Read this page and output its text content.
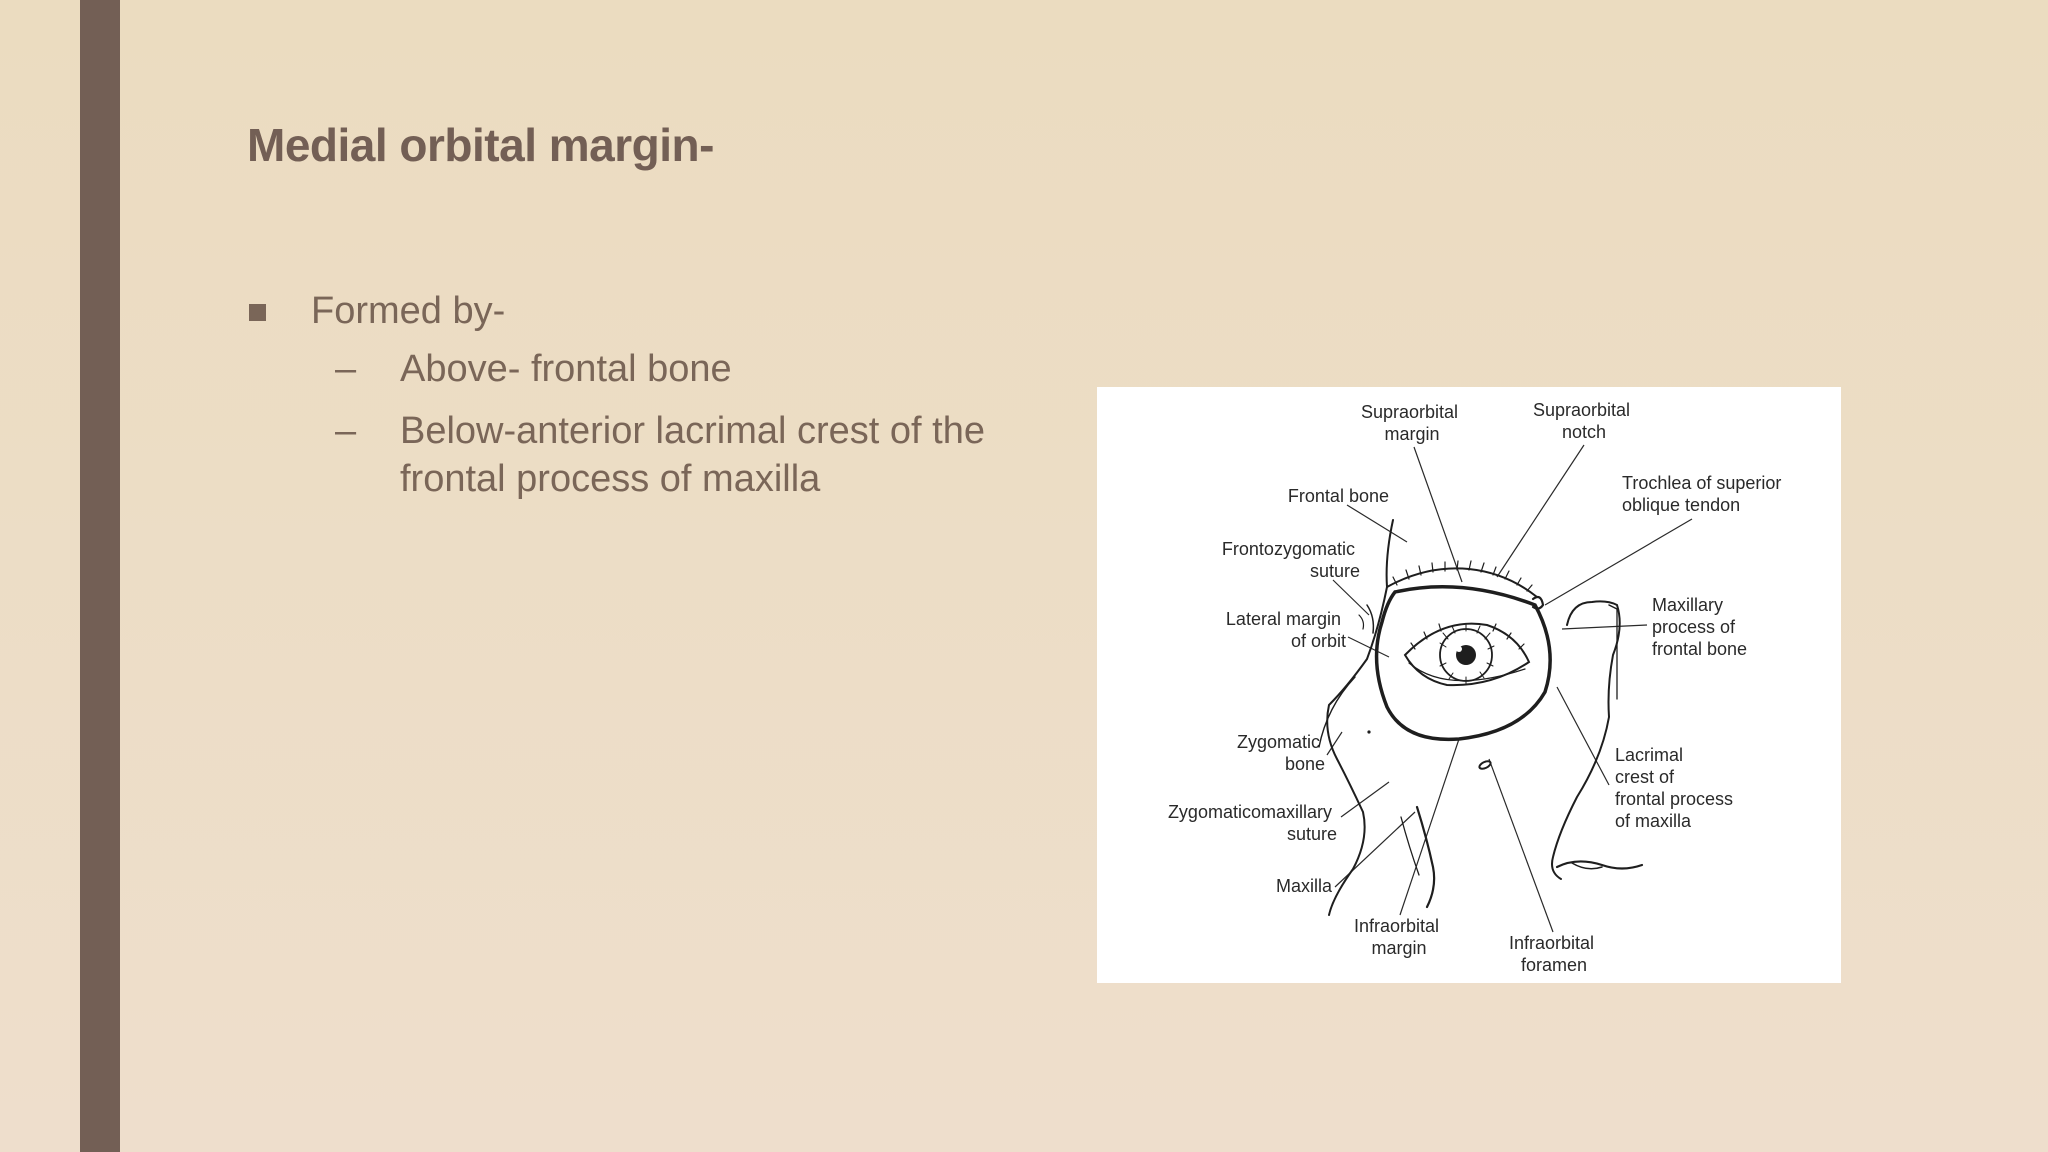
Medial orbital margin-
Formed by-
– Above- frontal bone
– Below-anterior lacrimal crest of the frontal process of maxilla
Supraorbital margin
Supraorbital notch
Frontal bone
Trochlea of superior oblique tendon
Frontozygomatic suture
Lateral margin of orbit
Maxillary process of frontal bone
Zygomatic bone	Lacrimal crest of frontal process of maxilla
Zygomaticomaxillary suture
Maxilla
Infraorbital margin	Infraorbital foramen
